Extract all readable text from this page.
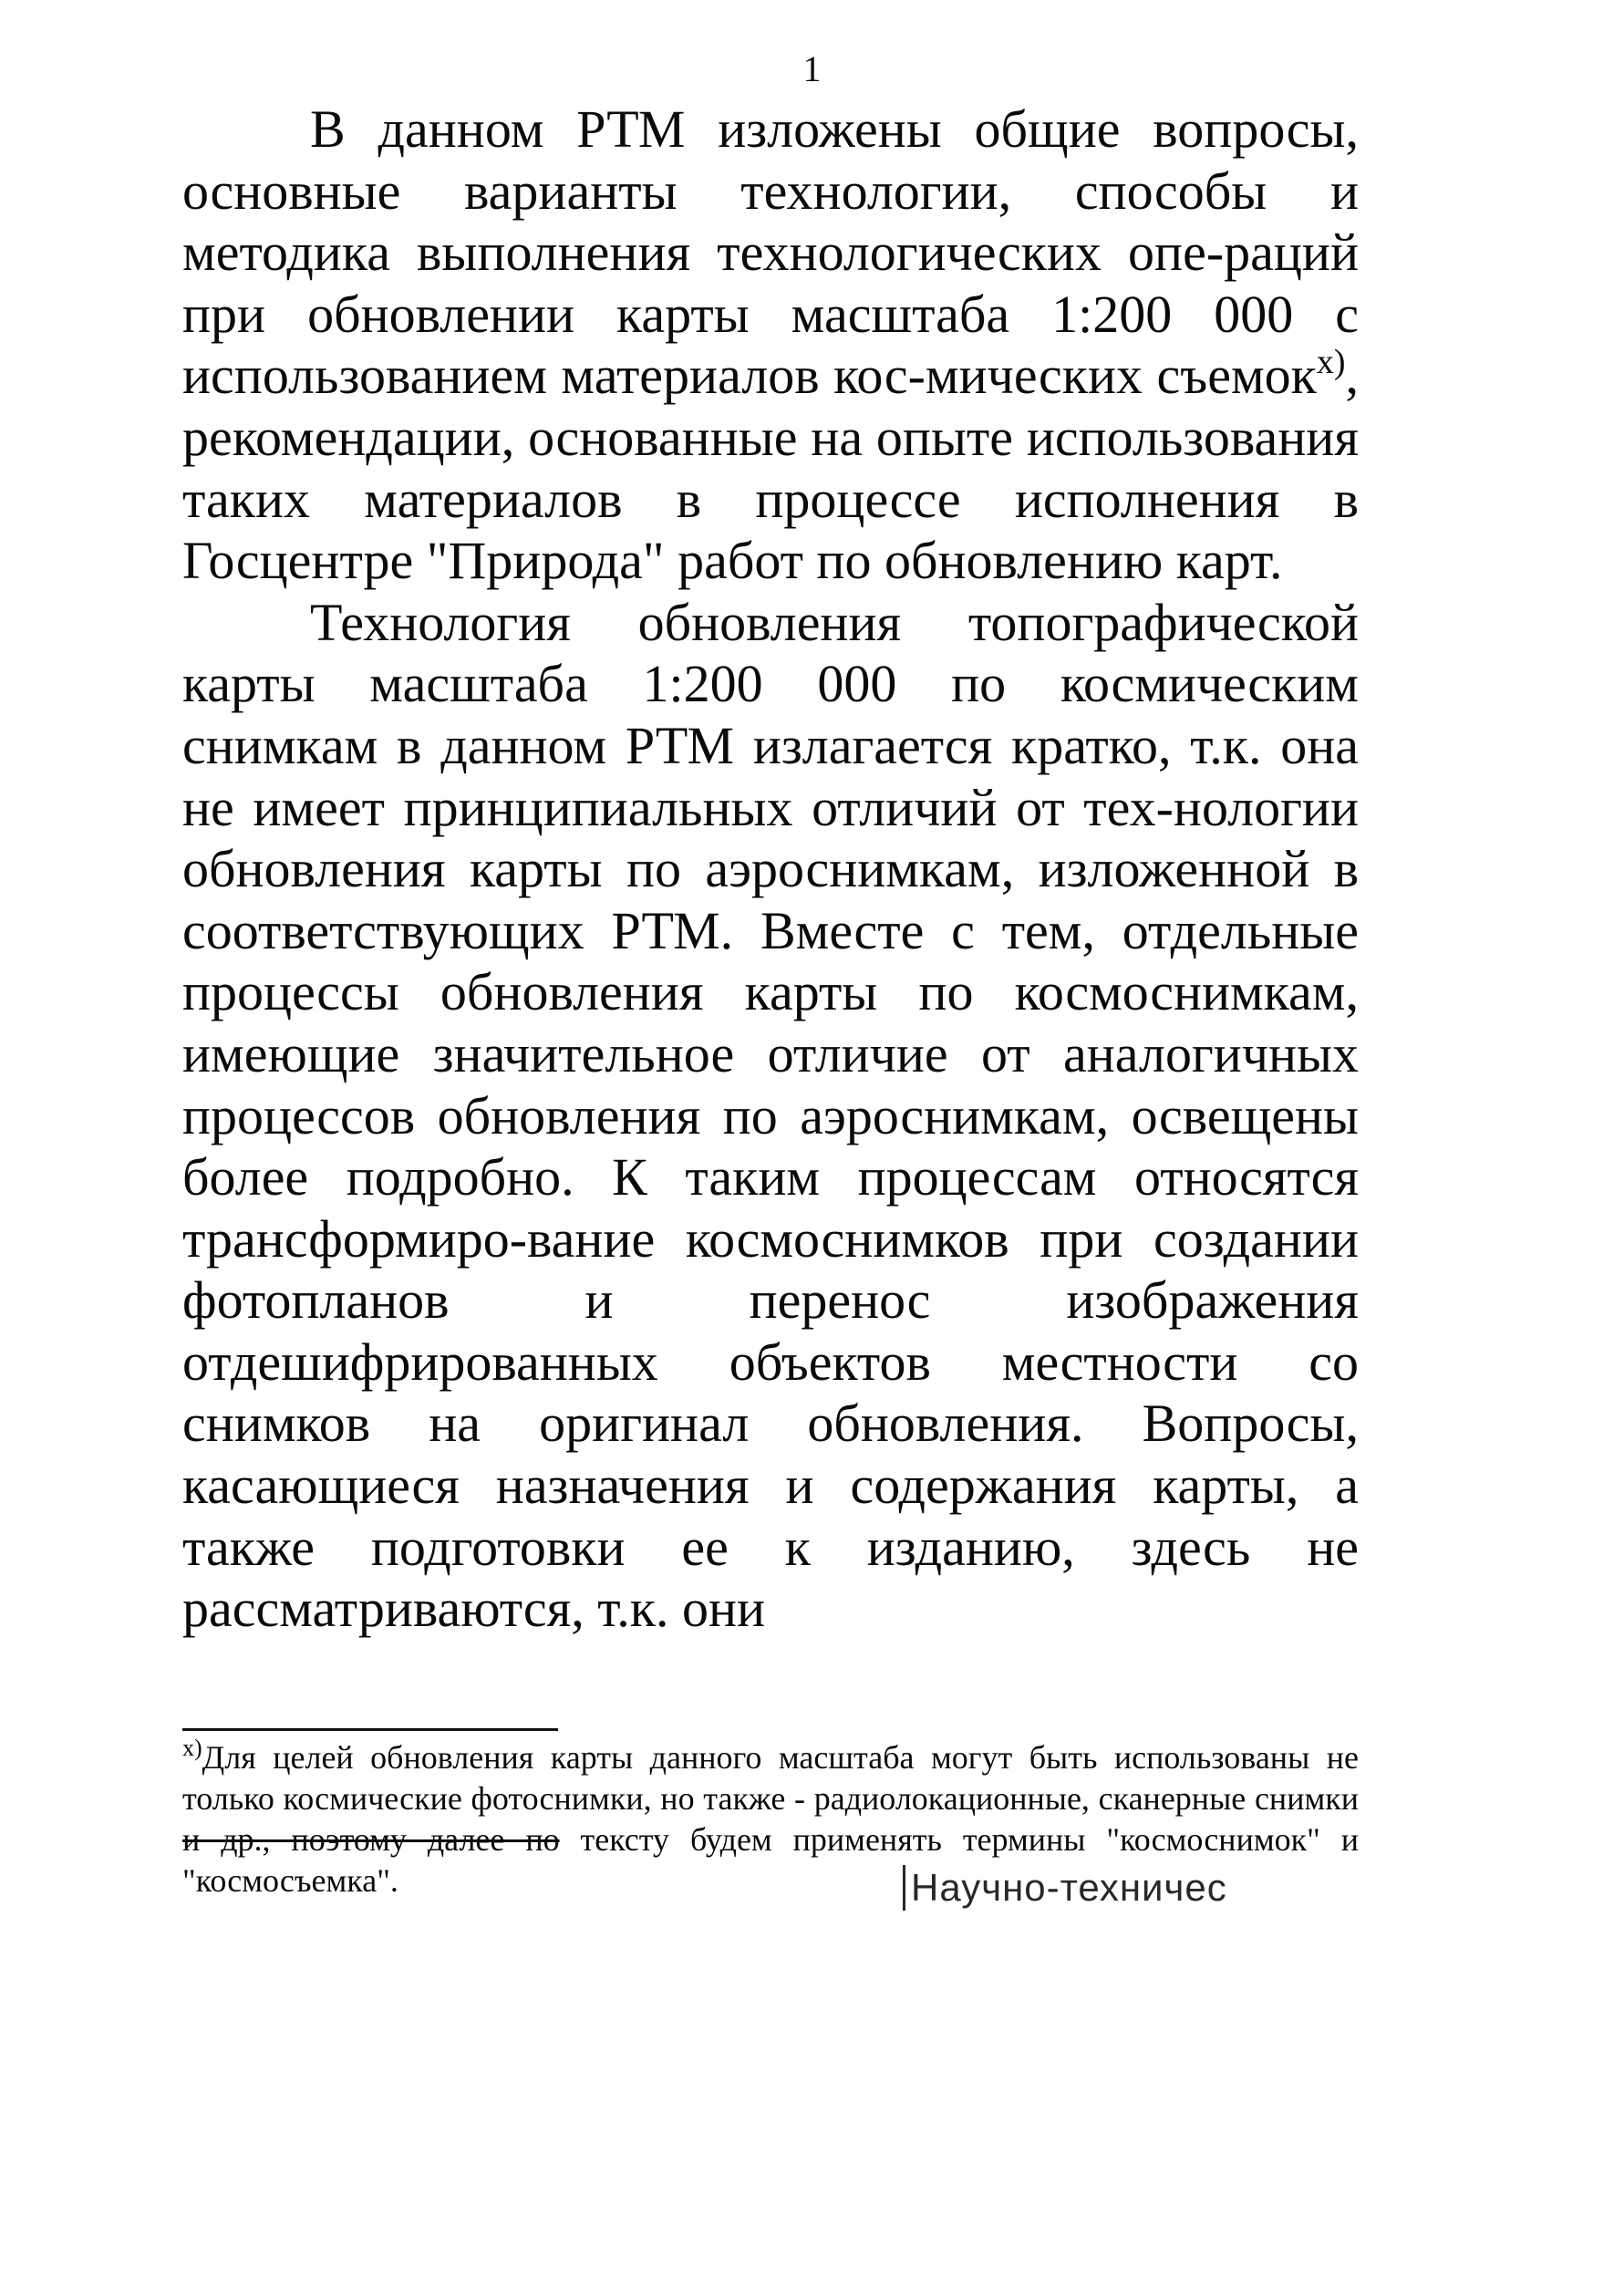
1

В данном РТМ изложены общие вопросы, основные варианты технологии, способы и методика выполнения технологических опе-раций при обновлении карты масштаба 1:200 000 с использованием материалов кос-мических съемок$^{x)}$, рекомендации, основанные на опыте использования таких материалов в процессе исполнения в Госцентре "Природа" работ по обновлению карт.

Технология обновления топографической карты масштаба 1:200 000 по космическим снимкам в данном РТМ излагается кратко, т.к. она не имеет принципиальных отличий от тех-нологии обновления карты по аэроснимкам, изложенной в соответствующих РТМ. Вместе с тем, отдельные процессы обновления карты по космоснимкам, имеющие значительное отличие от аналогичных процессов обновления по аэроснимкам, освещены более подробно. К таким процессам относятся трансформиро-вание космоснимков при создании фотопланов и перенос изображения отдешифрированных объектов местности со снимков на оригинал обновления. Вопросы, касающиеся назначения и содержания карты, а также подготовки ее к изданию, здесь не рассматриваются, т.к. они

$^{x)}$Для целей обновления карты данного масштаба могут быть использованы не только космические фотоснимки, но также - радиолокационные, сканерные снимки и др., поэтому далее по тексту будем применять термины "космоснимок" и "космосъемка".	Научно-техничес
